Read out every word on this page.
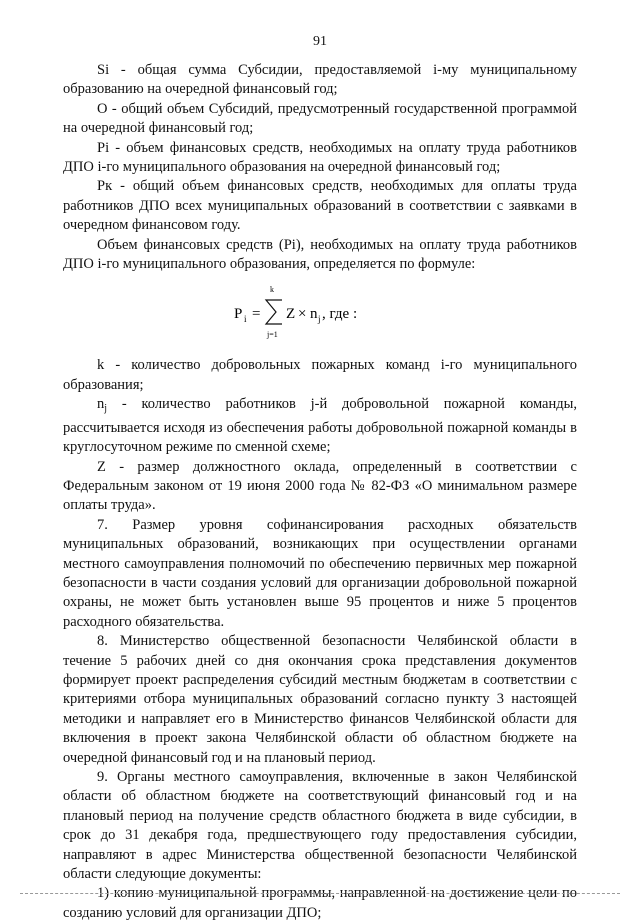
91

Si - общая сумма Субсидии, предоставляемой i-му муниципальному образованию на очередной финансовый год;

О - общий объем Субсидий, предусмотренный государственной программой на очередной финансовый год;

Pi - объем финансовых средств, необходимых на оплату труда работников ДПО i-го муниципального образования на очередной финансовый год;

Рк - общий объем финансовых средств, необходимых для оплаты труда работников ДПО всех муниципальных образований в соответствии с заявками в очередном финансовом году.

Объем финансовых средств (Pi), необходимых на оплату труда работников ДПО i-го муниципального образования, определяется по формуле:

P i =
k
j=1
Z × n j , где :

k - количество добровольных пожарных команд i-го муниципального образования;

$n_j$ - количество работников j-й добровольной пожарной команды, рассчитывается исходя из обеспечения работы добровольной пожарной команды в круглосуточном режиме по сменной схеме;

Z - размер должностного оклада, определенный в соответствии с Федеральным законом от 19 июня 2000 года № 82-ФЗ «О минимальном размере оплаты труда».

7. Размер уровня софинансирования расходных обязательств муниципальных образований, возникающих при осуществлении органами местного самоуправления полномочий по обеспечению первичных мер пожарной безопасности в части создания условий для организации добровольной пожарной охраны, не может быть установлен выше 95 процентов и ниже 5 процентов расходного обязательства.

8. Министерство общественной безопасности Челябинской области в течение 5 рабочих дней со дня окончания срока представления документов формирует проект распределения субсидий местным бюджетам в соответствии с критериями отбора муниципальных образований согласно пункту 3 настоящей методики и направляет его в Министерство финансов Челябинской области для включения в проект закона Челябинской области об областном бюджете на очередной финансовый год и на плановый период.

9. Органы местного самоуправления, включенные в закон Челябинской области об областном бюджете на соответствующий финансовый год и на плановый период на получение средств областного бюджета в виде субсидии, в срок до 31 декабря года, предшествующего году предоставления субсидии, направляют в адрес Министерства общественной безопасности Челябинской области следующие документы:

1) копию муниципальной программы, направленной на достижение цели по созданию условий для организации ДПО;
